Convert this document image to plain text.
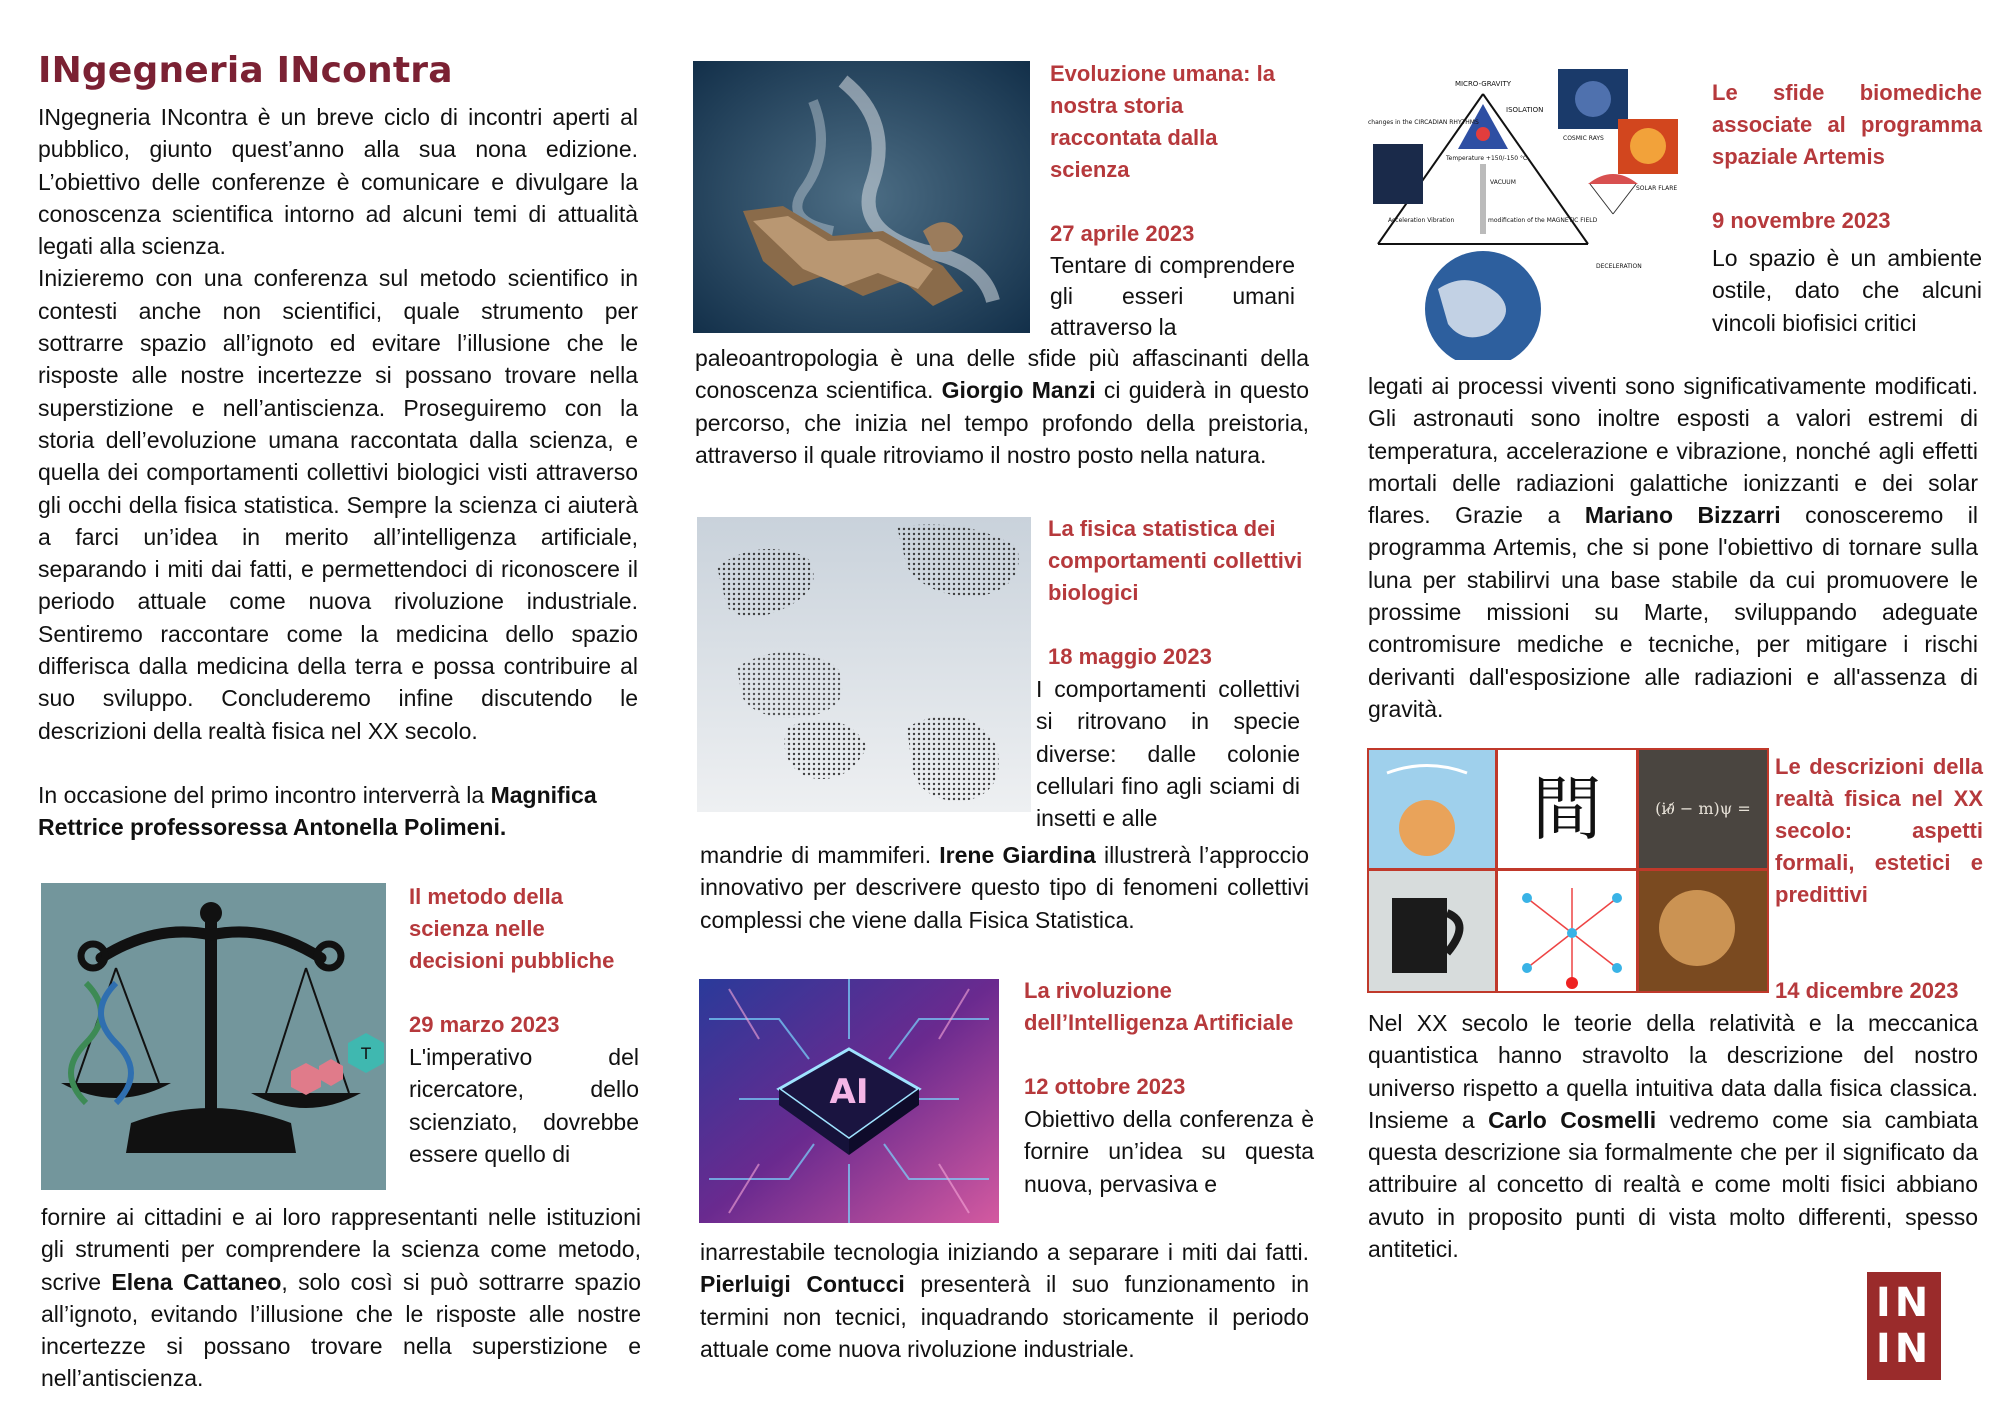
INgegneria INcontra

INgegneria INcontra è un breve ciclo di incontri aperti al pubblico, giunto quest’anno alla sua nona edizione. L’obiettivo delle conferenze è comunicare e divulgare la conoscenza scientifica intorno ad alcuni temi di attualità legati alla scienza.

Inizieremo con una conferenza sul metodo scientifico in contesti anche non scientifici, quale strumento per sottrarre spazio all’ignoto ed evitare l’illusione che le risposte alle nostre incertezze si possano trovare nella superstizione e nell’antiscienza. Proseguiremo con la storia dell’evoluzione umana raccontata dalla scienza, e quella dei comportamenti collettivi biologici visti attraverso gli occhi della fisica statistica. Sempre la scienza ci aiuterà a farci un’idea in merito all’intelligenza artificiale, separando i miti dai fatti, e permettendoci di riconoscere il periodo attuale come nuova rivoluzione industriale. Sentiremo raccontare come la medicina dello spazio differisca dalla medicina della terra e possa contribuire al suo sviluppo. Concluderemo infine discutendo le descrizioni della realtà fisica nel XX secolo.

In occasione del primo incontro interverrà la Magnifica Rettrice professoressa Antonella Polimeni.

T

Il metodo della scienza nelle decisioni pubbliche

29 marzo 2023

L'imperativo del ricercatore, dello scienziato, dovrebbe essere quello di

fornire ai cittadini e ai loro rappresentanti nelle istituzioni gli strumenti per comprendere la scienza come metodo, scrive Elena Cattaneo, solo così si può sottrarre spazio all’ignoto, evitando l’illusione che le risposte alle nostre incertezze si possano trovare nella superstizione e nell’antiscienza.

Evoluzione umana: la nostra storia raccontata dalla scienza

27 aprile 2023

Tentare di comprendere gli esseri umani attraverso la

paleoantropologia è una delle sfide più affascinanti della conoscenza scientifica. Giorgio Manzi ci guiderà in questo percorso, che inizia nel tempo profondo della preistoria, attraverso il quale ritroviamo il nostro posto nella natura.

La fisica statistica dei comportamenti collettivi biologici

18 maggio 2023

I comportamenti collettivi si ritrovano in specie diverse: dalle colonie cellulari fino agli sciami di insetti e alle

mandrie di mammiferi. Irene Giardina illustrerà l’approccio innovativo per descrivere questo tipo di fenomeni collettivi complessi che viene dalla Fisica Statistica.

AI

La rivoluzione dell’Intelligenza Artificiale

12 ottobre 2023

Obiettivo della conferenza è fornire un’idea su questa nuova, pervasiva e

inarrestabile tecnologia iniziando a separare i miti dai fatti. Pierluigi Contucci presenterà il suo funzionamento in termini non tecnici, inquadrando storicamente il periodo attuale come nuova rivoluzione industriale.

MICRO-GRAVITY
ISOLATION
changes in the CIRCADIAN RHYTHMS
COSMIC RAYS
Temperature +150/-150 °C
VACUUM
SOLAR FLARE
Acceleration Vibration	modification of the MAGNETIC FIELD
DECELERATION

Le sfide biomediche associate al programma spaziale Artemis

9 novembre 2023

Lo spazio è un ambiente ostile, dato che alcuni vincoli biofisici critici

legati ai processi viventi sono significativamente modificati. Gli astronauti sono inoltre esposti a valori estremi di temperatura, accelerazione e vibrazione, nonché agli effetti mortali delle radiazioni galattiche ionizzanti e dei solar flares. Grazie a Mariano Bizzarri conosceremo il programma Artemis, che si pone l'obiettivo di tornare sulla luna per stabilirvi una base stabile da cui promuovere le prossime missioni su Marte, sviluppando adeguate contromisure mediche e tecniche, per mitigare i rischi derivanti dall'esposizione alle radiazioni e all'assenza di gravità.

間	(i∂̸ − m)ψ =

Le descrizioni della realtà fisica nel XX secolo: aspetti formali, estetici e predittivi

14 dicembre 2023

Nel XX secolo le teorie della relatività e la meccanica quantistica hanno stravolto la descrizione del nostro universo rispetto a quella intuitiva data dalla fisica classica. Insieme a Carlo Cosmelli vedremo come sia cambiata questa descrizione sia formalmente che per il significato da attribuire al concetto di realtà e come molti fisici abbiano avuto in proposito punti di vista molto differenti, spesso antitetici.

IN
IN
